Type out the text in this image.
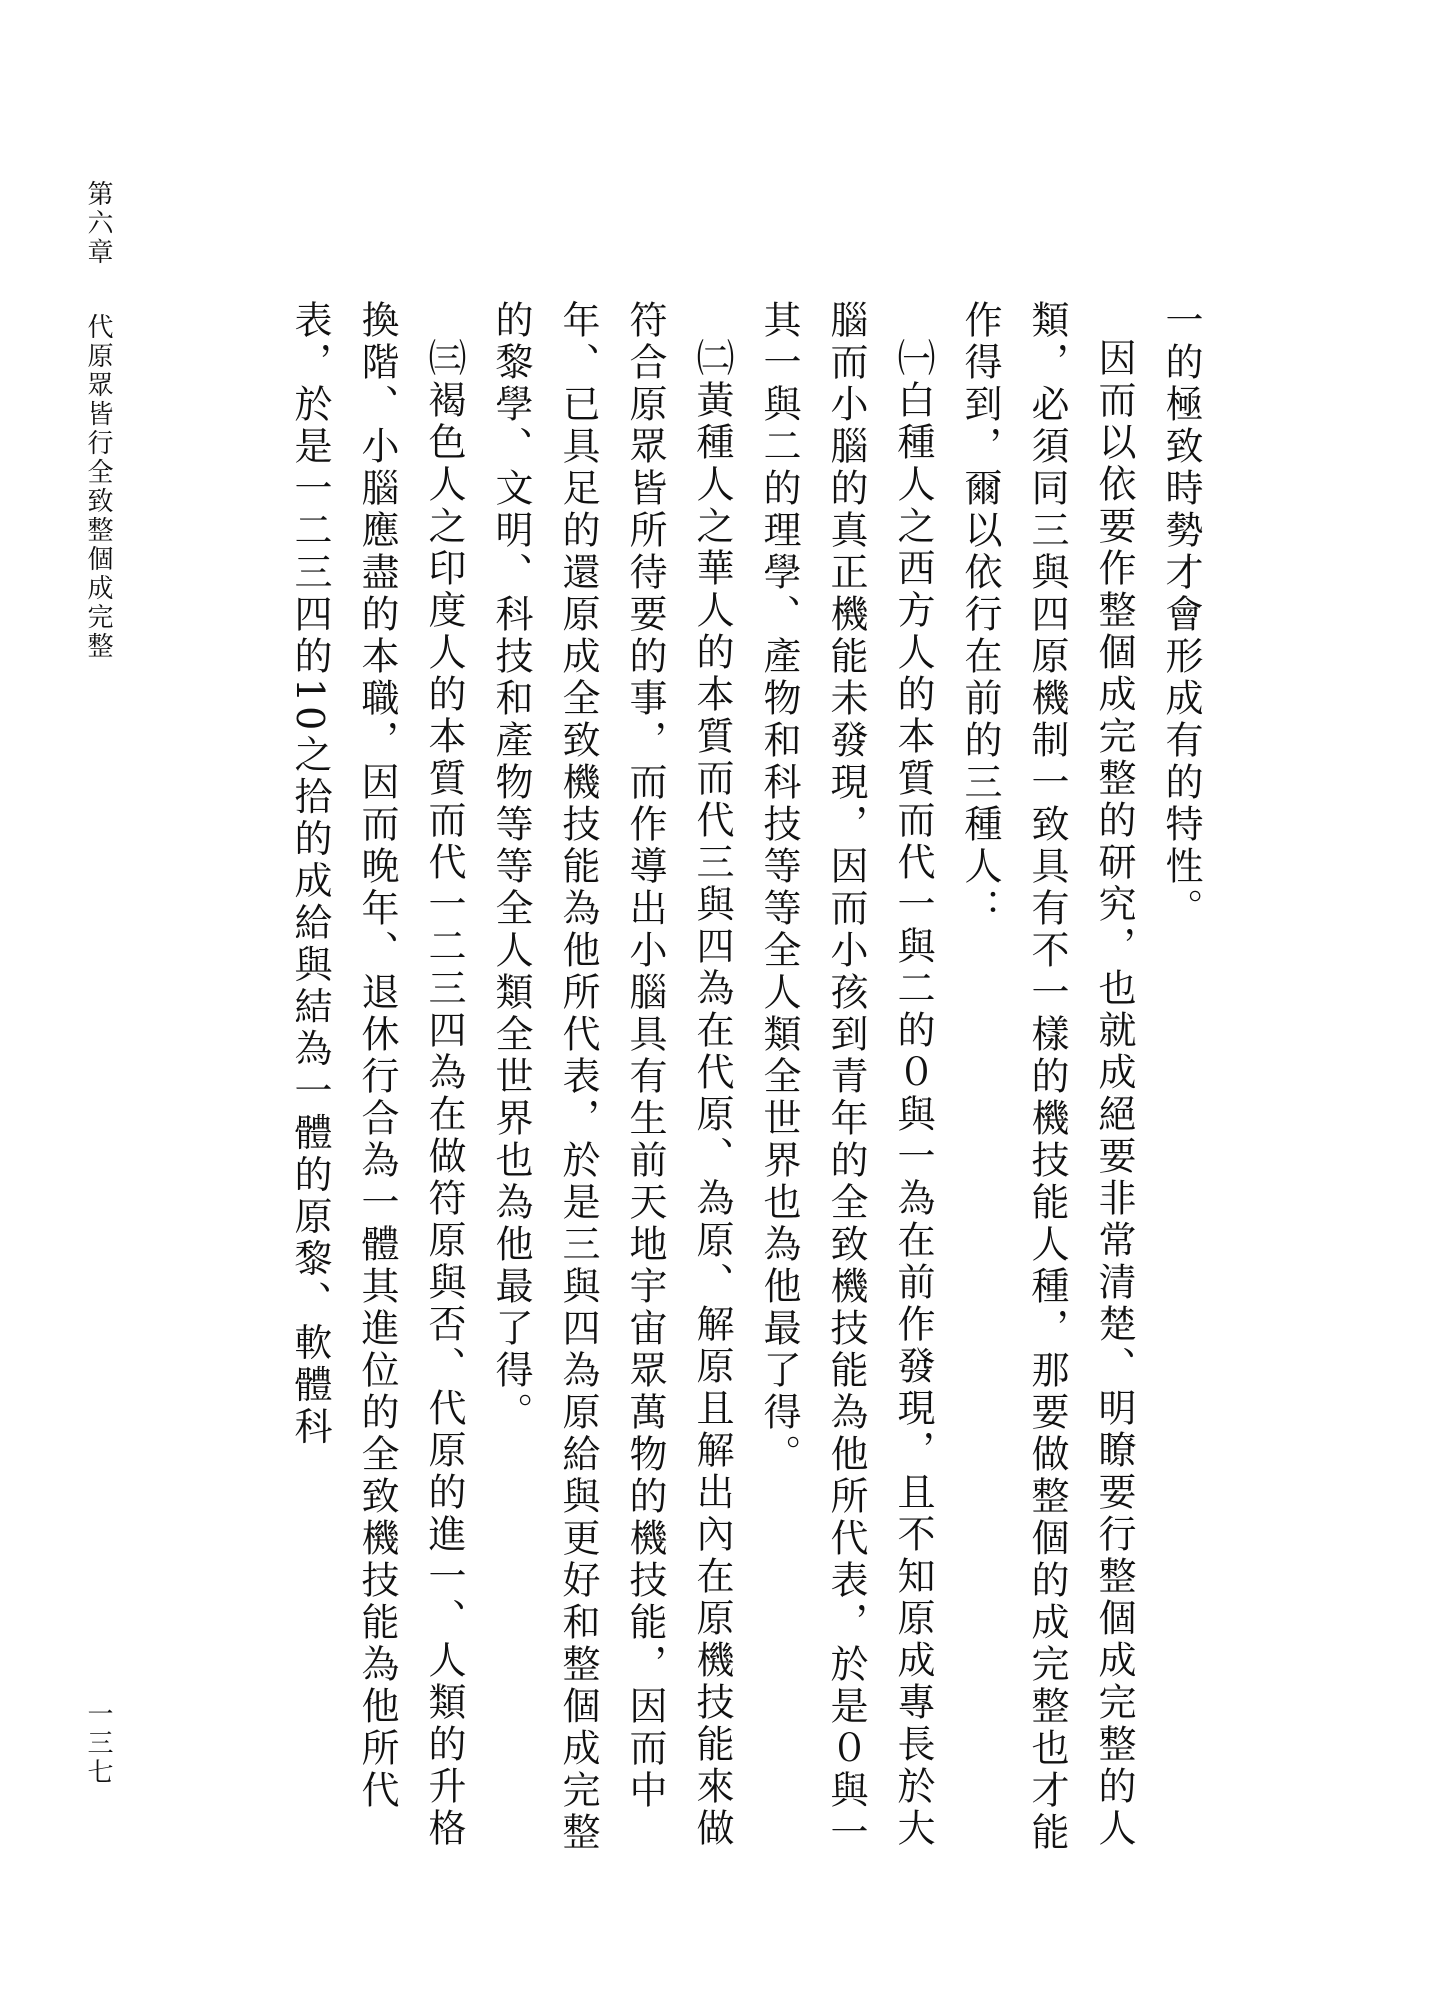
第六章代原眾皆行全致整個成完整
一三七

一的極致時勢才會形成有的特性。

因而以依要作整個成完整的研究，也就成絕要非常清楚、明瞭要行整個成完整的人類，必須同三與四原機制一致具有不一樣的機技能人種，那要做整個的成完整也才能作得到，爾以依行在前的三種人：

㈠白種人之西方人的本質而代一與二的０與一為在前作發現，且不知原成專長於大腦而小腦的真正機能未發現，因而小孩到青年的全致機技能為他所代表，於是０與一其一與二的理學、產物和科技等等全人類全世界也為他最了得。

㈡黃種人之華人的本質而代三與四為在代原、為原、解原且解出內在原機技能來做符合原眾皆所待要的事，而作導出小腦具有生前天地宇宙眾萬物的機技能，因而中年、已具足的還原成全致機技能為他所代表，於是三與四為原給與更好和整個成完整的黎學、文明、科技和產物等等全人類全世界也為他最了得。

㈢褐色人之印度人的本質而代一二三四為在做符原與否、代原的進一、人類的升格換階、小腦應盡的本職，因而晚年、退休行合為一體其進位的全致機技能為他所代表，於是一二三四的10之拾的成給與結為一體的原黎、軟體科
